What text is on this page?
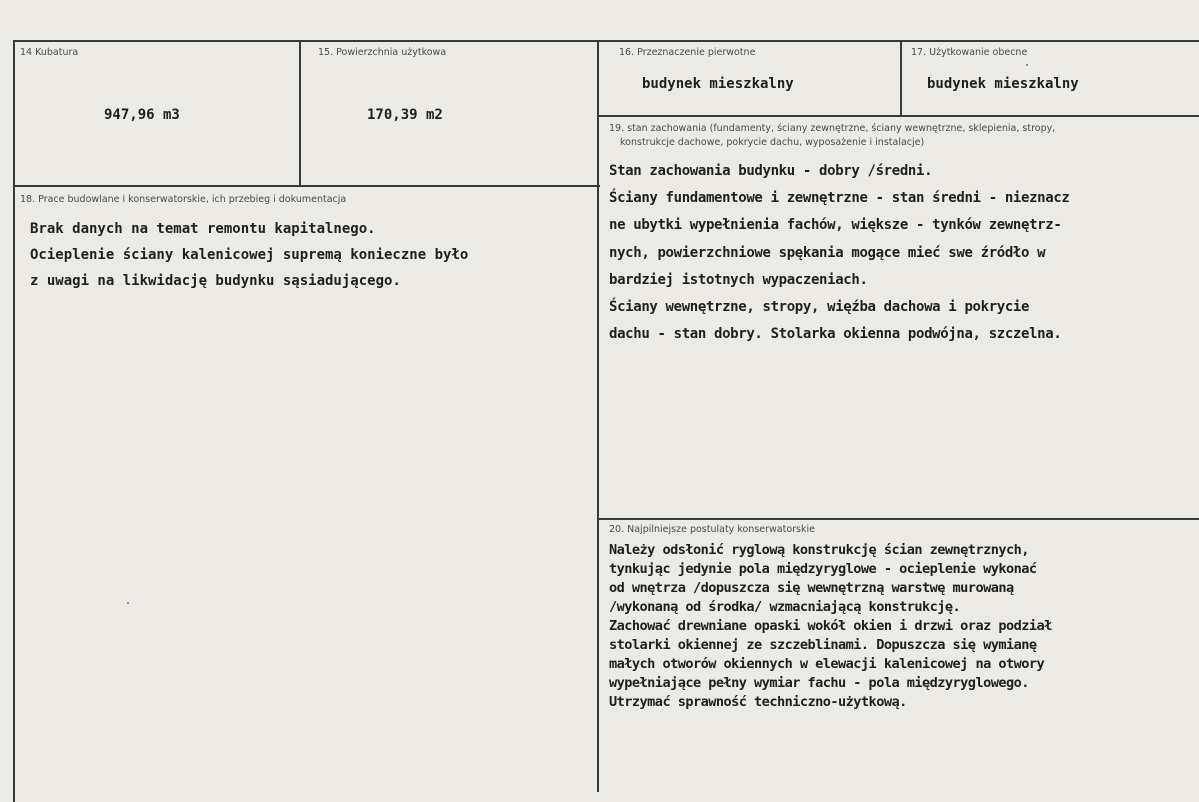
14 Kubatura
947,96 m3
15. Powierzchnia użytkowa
170,39 m2
16. Przeznaczenie pierwotne
budynek mieszkalny
17. Użytkowanie obecne
budynek mieszkalny
19. stan zachowania (fundamenty, ściany zewnętrzne, ściany wewnętrzne, sklepienia, stropy,
konstrukcje dachowe, pokrycie dachu, wyposażenie i instalacje)
Stan zachowania budynku - dobry /średni.
Ściany fundamentowe i zewnętrzne - stan średni - nieznacz
ne ubytki wypełnienia fachów, większe - tynków zewnętrz-
nych, powierzchniowe spękania mogące mieć swe źródło w
bardziej istotnych wypaczeniach.
Ściany wewnętrzne, stropy, więźba dachowa i pokrycie
dachu - stan dobry. Stolarka okienna podwójna, szczelna.
18. Prace budowlane i konserwatorskie, ich przebieg i dokumentacja
Brak danych na temat remontu kapitalnego.
Ocieplenie ściany kalenicowej supremą konieczne było
z uwagi na likwidację budynku sąsiadującego.
20. Najpilniejsze postulaty konserwatorskie
Należy odsłonić ryglową konstrukcję ścian zewnętrznych,
tynkując jedynie pola międzyryglowe - ocieplenie wykonać
od wnętrza /dopuszcza się wewnętrzną warstwę murowaną
/wykonaną od środka/ wzmacniającą konstrukcję.
Zachować drewniane opaski wokół okien i drzwi oraz podział
stolarki okiennej ze szczeblinami. Dopuszcza się wymianę
małych otworów okiennych w elewacji kalenicowej na otwory
wypełniające pełny wymiar fachu - pola międzyryglowego.
Utrzymać sprawność techniczno-użytkową.
